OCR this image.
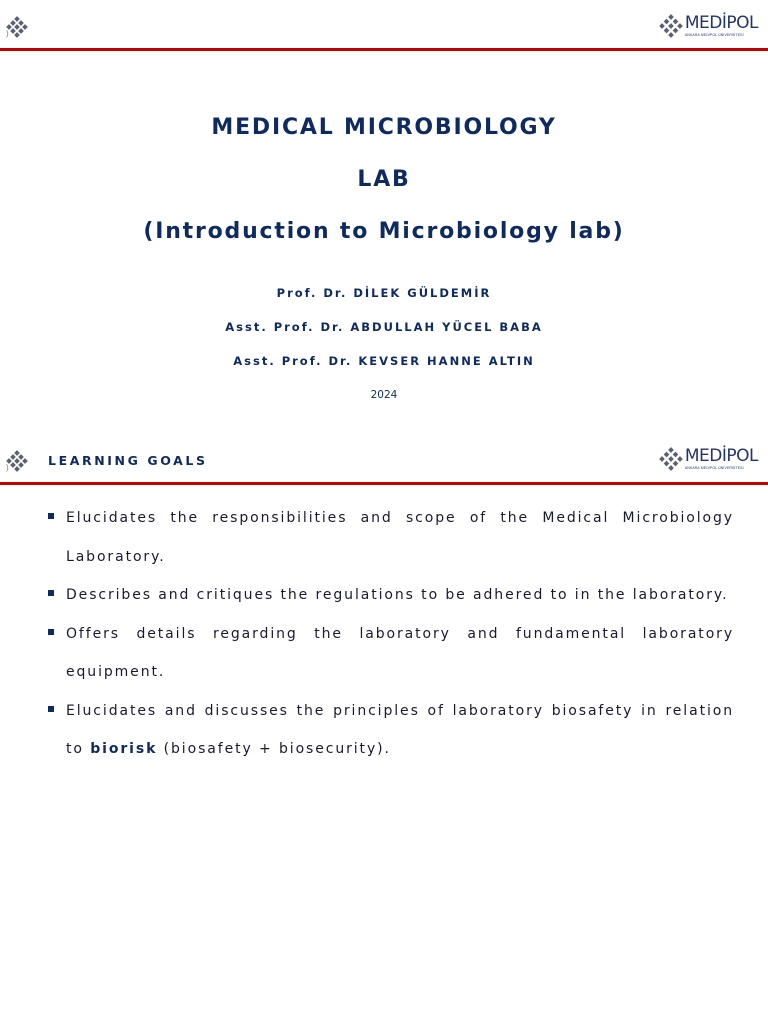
)
MEDİPOL
ANKARA MEDİPOL ÜNİVERSİTESİ
MEDICAL MICROBIOLOGY
LAB
(Introduction to Microbiology lab)
Prof. Dr. DİLEK GÜLDEMİR
Asst. Prof. Dr. ABDULLAH YÜCEL BABA
Asst. Prof. Dr. KEVSER HANNE ALTIN
2024
)	LEARNING GOALS	MEDİPOL
ANKARA MEDİPOL ÜNİVERSİTESİ
Elucidates the responsibilities and scope of the Medical Microbiology Laboratory.
Describes and critiques the regulations to be adhered to in the laboratory.
Offers details regarding the laboratory and fundamental laboratory equipment.
Elucidates and discusses the principles of laboratory biosafety in relation to biorisk (biosafety + biosecurity).
